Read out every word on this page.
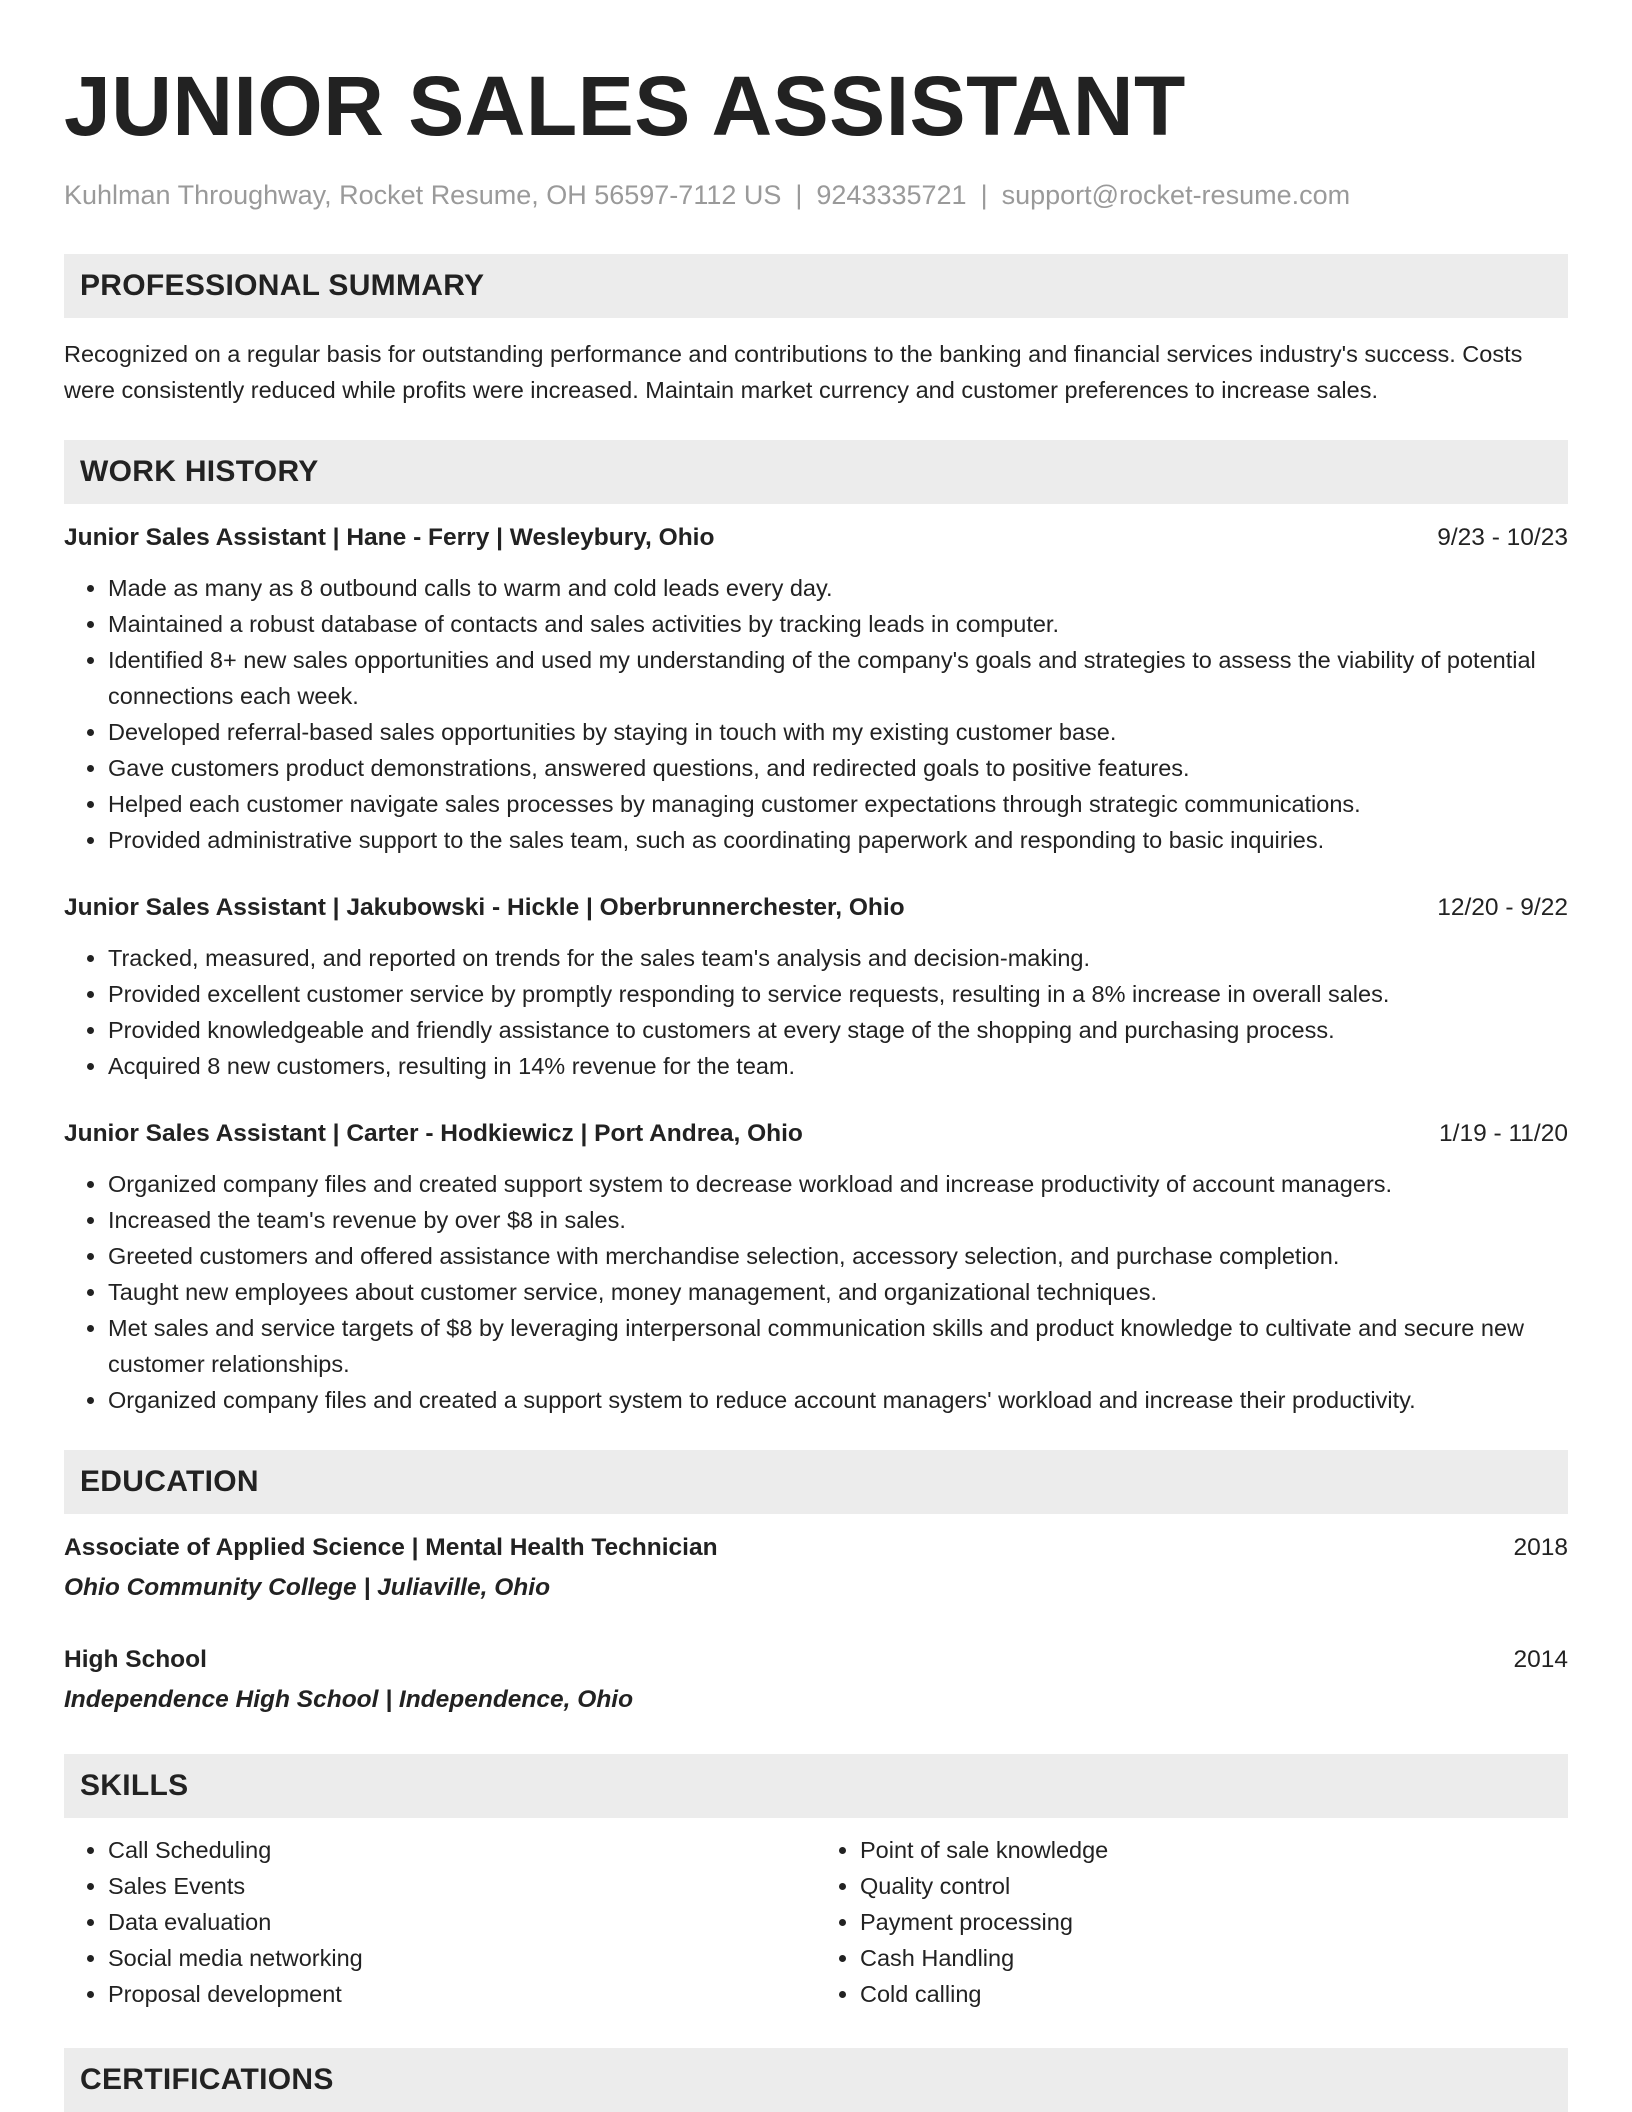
JUNIOR SALES ASSISTANT
Kuhlman Throughway, Rocket Resume, OH 56597-7112 US | 9243335721 | support@rocket-resume.com
PROFESSIONAL SUMMARY
Recognized on a regular basis for outstanding performance and contributions to the banking and financial services industry's success. Costs were consistently reduced while profits were increased. Maintain market currency and customer preferences to increase sales.
WORK HISTORY
Junior Sales Assistant | Hane - Ferry | Wesleybury, Ohio	9/23 - 10/23
• Made as many as 8 outbound calls to warm and cold leads every day.
• Maintained a robust database of contacts and sales activities by tracking leads in computer.
• Identified 8+ new sales opportunities and used my understanding of the company's goals and strategies to assess the viability of potential connections each week.
• Developed referral-based sales opportunities by staying in touch with my existing customer base.
• Gave customers product demonstrations, answered questions, and redirected goals to positive features.
• Helped each customer navigate sales processes by managing customer expectations through strategic communications.
• Provided administrative support to the sales team, such as coordinating paperwork and responding to basic inquiries.
Junior Sales Assistant | Jakubowski - Hickle | Oberbrunnerchester, Ohio	12/20 - 9/22
• Tracked, measured, and reported on trends for the sales team's analysis and decision-making.
• Provided excellent customer service by promptly responding to service requests, resulting in a 8% increase in overall sales.
• Provided knowledgeable and friendly assistance to customers at every stage of the shopping and purchasing process.
• Acquired 8 new customers, resulting in 14% revenue for the team.
Junior Sales Assistant | Carter - Hodkiewicz | Port Andrea, Ohio	1/19 - 11/20
• Organized company files and created support system to decrease workload and increase productivity of account managers.
• Increased the team's revenue by over $8 in sales.
• Greeted customers and offered assistance with merchandise selection, accessory selection, and purchase completion.
• Taught new employees about customer service, money management, and organizational techniques.
• Met sales and service targets of $8 by leveraging interpersonal communication skills and product knowledge to cultivate and secure new customer relationships.
• Organized company files and created a support system to reduce account managers' workload and increase their productivity.
EDUCATION
Associate of Applied Science | Mental Health Technician	2018
Ohio Community College | Juliaville, Ohio
High School	2014
Independence High School | Independence, Ohio
SKILLS
• Call Scheduling
• Sales Events
• Data evaluation
• Social media networking
• Proposal development
• Point of sale knowledge
• Quality control
• Payment processing
• Cash Handling
• Cold calling
CERTIFICATIONS
